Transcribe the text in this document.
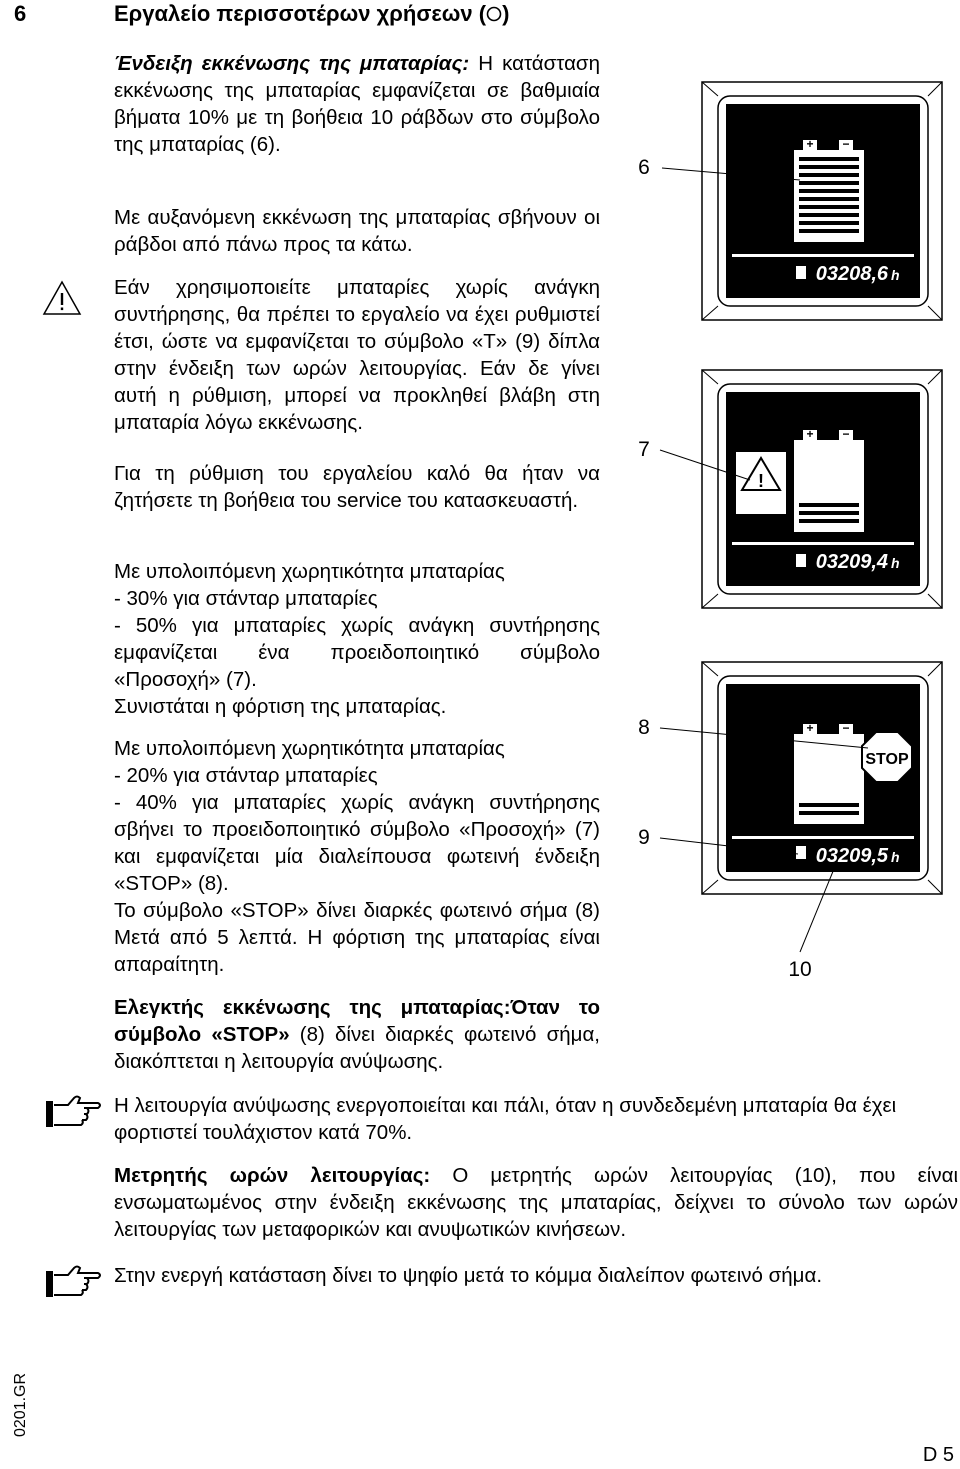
6	Εργαλείο περισσοτέρων χρήσεων ( )
Ένδειξη εκκένωσης της μπαταρίας: Η κατάσταση εκκένωσης της μπαταρίας εμφανίζεται σε βαθμιαία βήματα 10% με τη βοήθεια 10 ράβδων στο σύμβολο της μπαταρίας (6).
Με αυξανόμενη εκκένωση της μπαταρίας σβήνουν οι ράβδοι από πάνω προς τα κάτω.
Εάν χρησιμοποιείτε μπαταρίες χωρίς ανάγκη συντήρησης, θα πρέπει το εργαλείο να έχει ρυθμιστεί έτσι, ώστε να εμφανίζεται το σύμβολο «T» (9) δίπλα στην ένδειξη των ωρών λειτουργίας. Εάν δε γίνει αυτή η ρύθμιση, μπορεί να προκληθεί βλάβη στη μπαταρία λόγω εκκένωσης.
Για τη ρύθμιση του εργαλείου καλό θα ήταν να ζητήσετε τη βοήθεια του service του κατασκευαστή.
Με υπολοιπόμενη χωρητικότητα μπαταρίας
- 30% για στάνταρ μπαταρίες
- 50% για μπαταρίες χωρίς ανάγκη συντήρησης εμφανίζεται ένα προειδοποιητικό σύμβολο «Προσοχή» (7).
Συνιστάται η φόρτιση της μπαταρίας.
Με υπολοιπόμενη χωρητικότητα μπαταρίας
- 20% για στάνταρ μπαταρίες
- 40% για μπαταρίες χωρίς ανάγκη συντήρησης σβήνει το προειδοποιητικό σύμβολο «Προσοχή» (7) και εμφανίζεται μία διαλείπουσα φωτεινή ένδειξη «STOP» (8).
Το σύμβολο «STOP» δίνει διαρκές φωτεινό σήμα (8) Μετά από 5 λεπτά. Η φόρτιση της μπαταρίας είναι απαραίτητη.
Ελεγκτής εκκένωσης της μπαταρίας:Όταν το σύμβολο «STOP» (8) δίνει διαρκές φωτεινό σήμα, διακόπτεται η λειτουργία ανύψωσης.
Η λειτουργία ανύψωσης ενεργοποιείται και πάλι, όταν η συνδεδεμένη μπαταρία θα έχει φορτιστεί τουλάχιστον κατά 70%.
Μετρητής ωρών λειτουργίας: Ο μετρητής ωρών λειτουργίας (10), που είναι ενσωματωμένος στην ένδειξη εκκένωσης της μπαταρίας, δείχνει το σύνολο των ωρών λειτουργίας των μεταφορικών και ανυψωτικών κινήσεων.
Στην ενεργή κατάσταση δίνει το ψηφίο μετά το κόμμα διαλείπον φωτεινό σήμα.
+ −
03208,6 h
6
!
+ −
03209,4 h
7
+ −
STOP
03209,5 h
8
9
10
0201.GR
D 5
